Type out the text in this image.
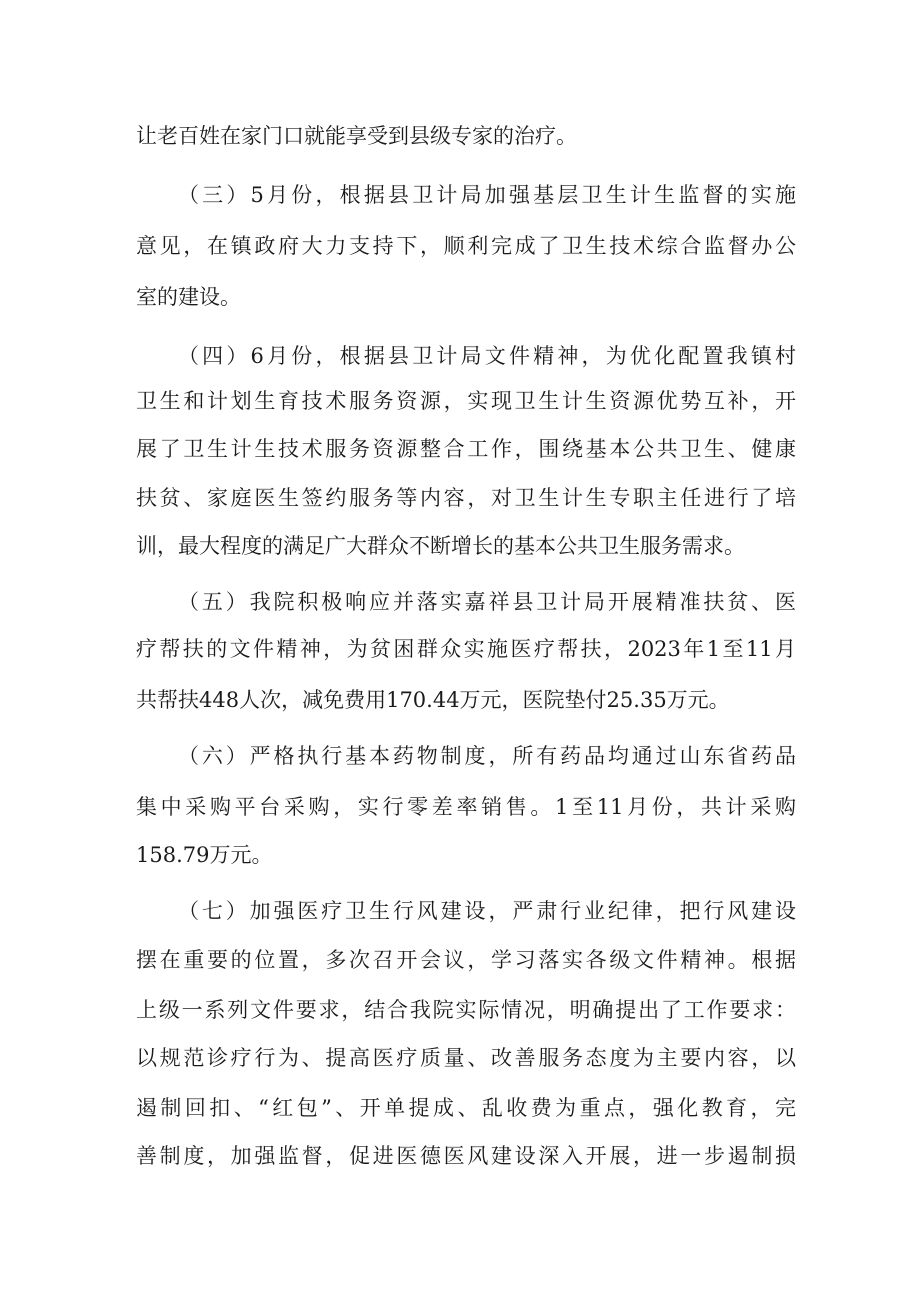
让老百姓在家门口就能享受到县级专家的治疗。
（三）5月份，根据县卫计局加强基层卫生计生监督的实施
意见，在镇政府大力支持下，顺利完成了卫生技术综合监督办公
室的建设。
（四）6月份，根据县卫计局文件精神，为优化配置我镇村
卫生和计划生育技术服务资源，实现卫生计生资源优势互补，开
展了卫生计生技术服务资源整合工作，围绕基本公共卫生、健康
扶贫、家庭医生签约服务等内容，对卫生计生专职主任进行了培
训，最大程度的满足广大群众不断增长的基本公共卫生服务需求。
（五）我院积极响应并落实嘉祥县卫计局开展精准扶贫、医
疗帮扶的文件精神，为贫困群众实施医疗帮扶，2023年1至11月
共帮扶448人次，减免费用170.44万元，医院垫付25.35万元。
（六）严格执行基本药物制度，所有药品均通过山东省药品
集中采购平台采购，实行零差率销售。1至11月份，共计采购
158.79万元。
（七）加强医疗卫生行风建设，严肃行业纪律，把行风建设
摆在重要的位置，多次召开会议，学习落实各级文件精神。根据
上级一系列文件要求，结合我院实际情况，明确提出了工作要求：
以规范诊疗行为、提高医疗质量、改善服务态度为主要内容，以
遏制回扣、“红包”、开单提成、乱收费为重点，强化教育，完
善制度，加强监督，促进医德医风建设深入开展，进一步遏制损
